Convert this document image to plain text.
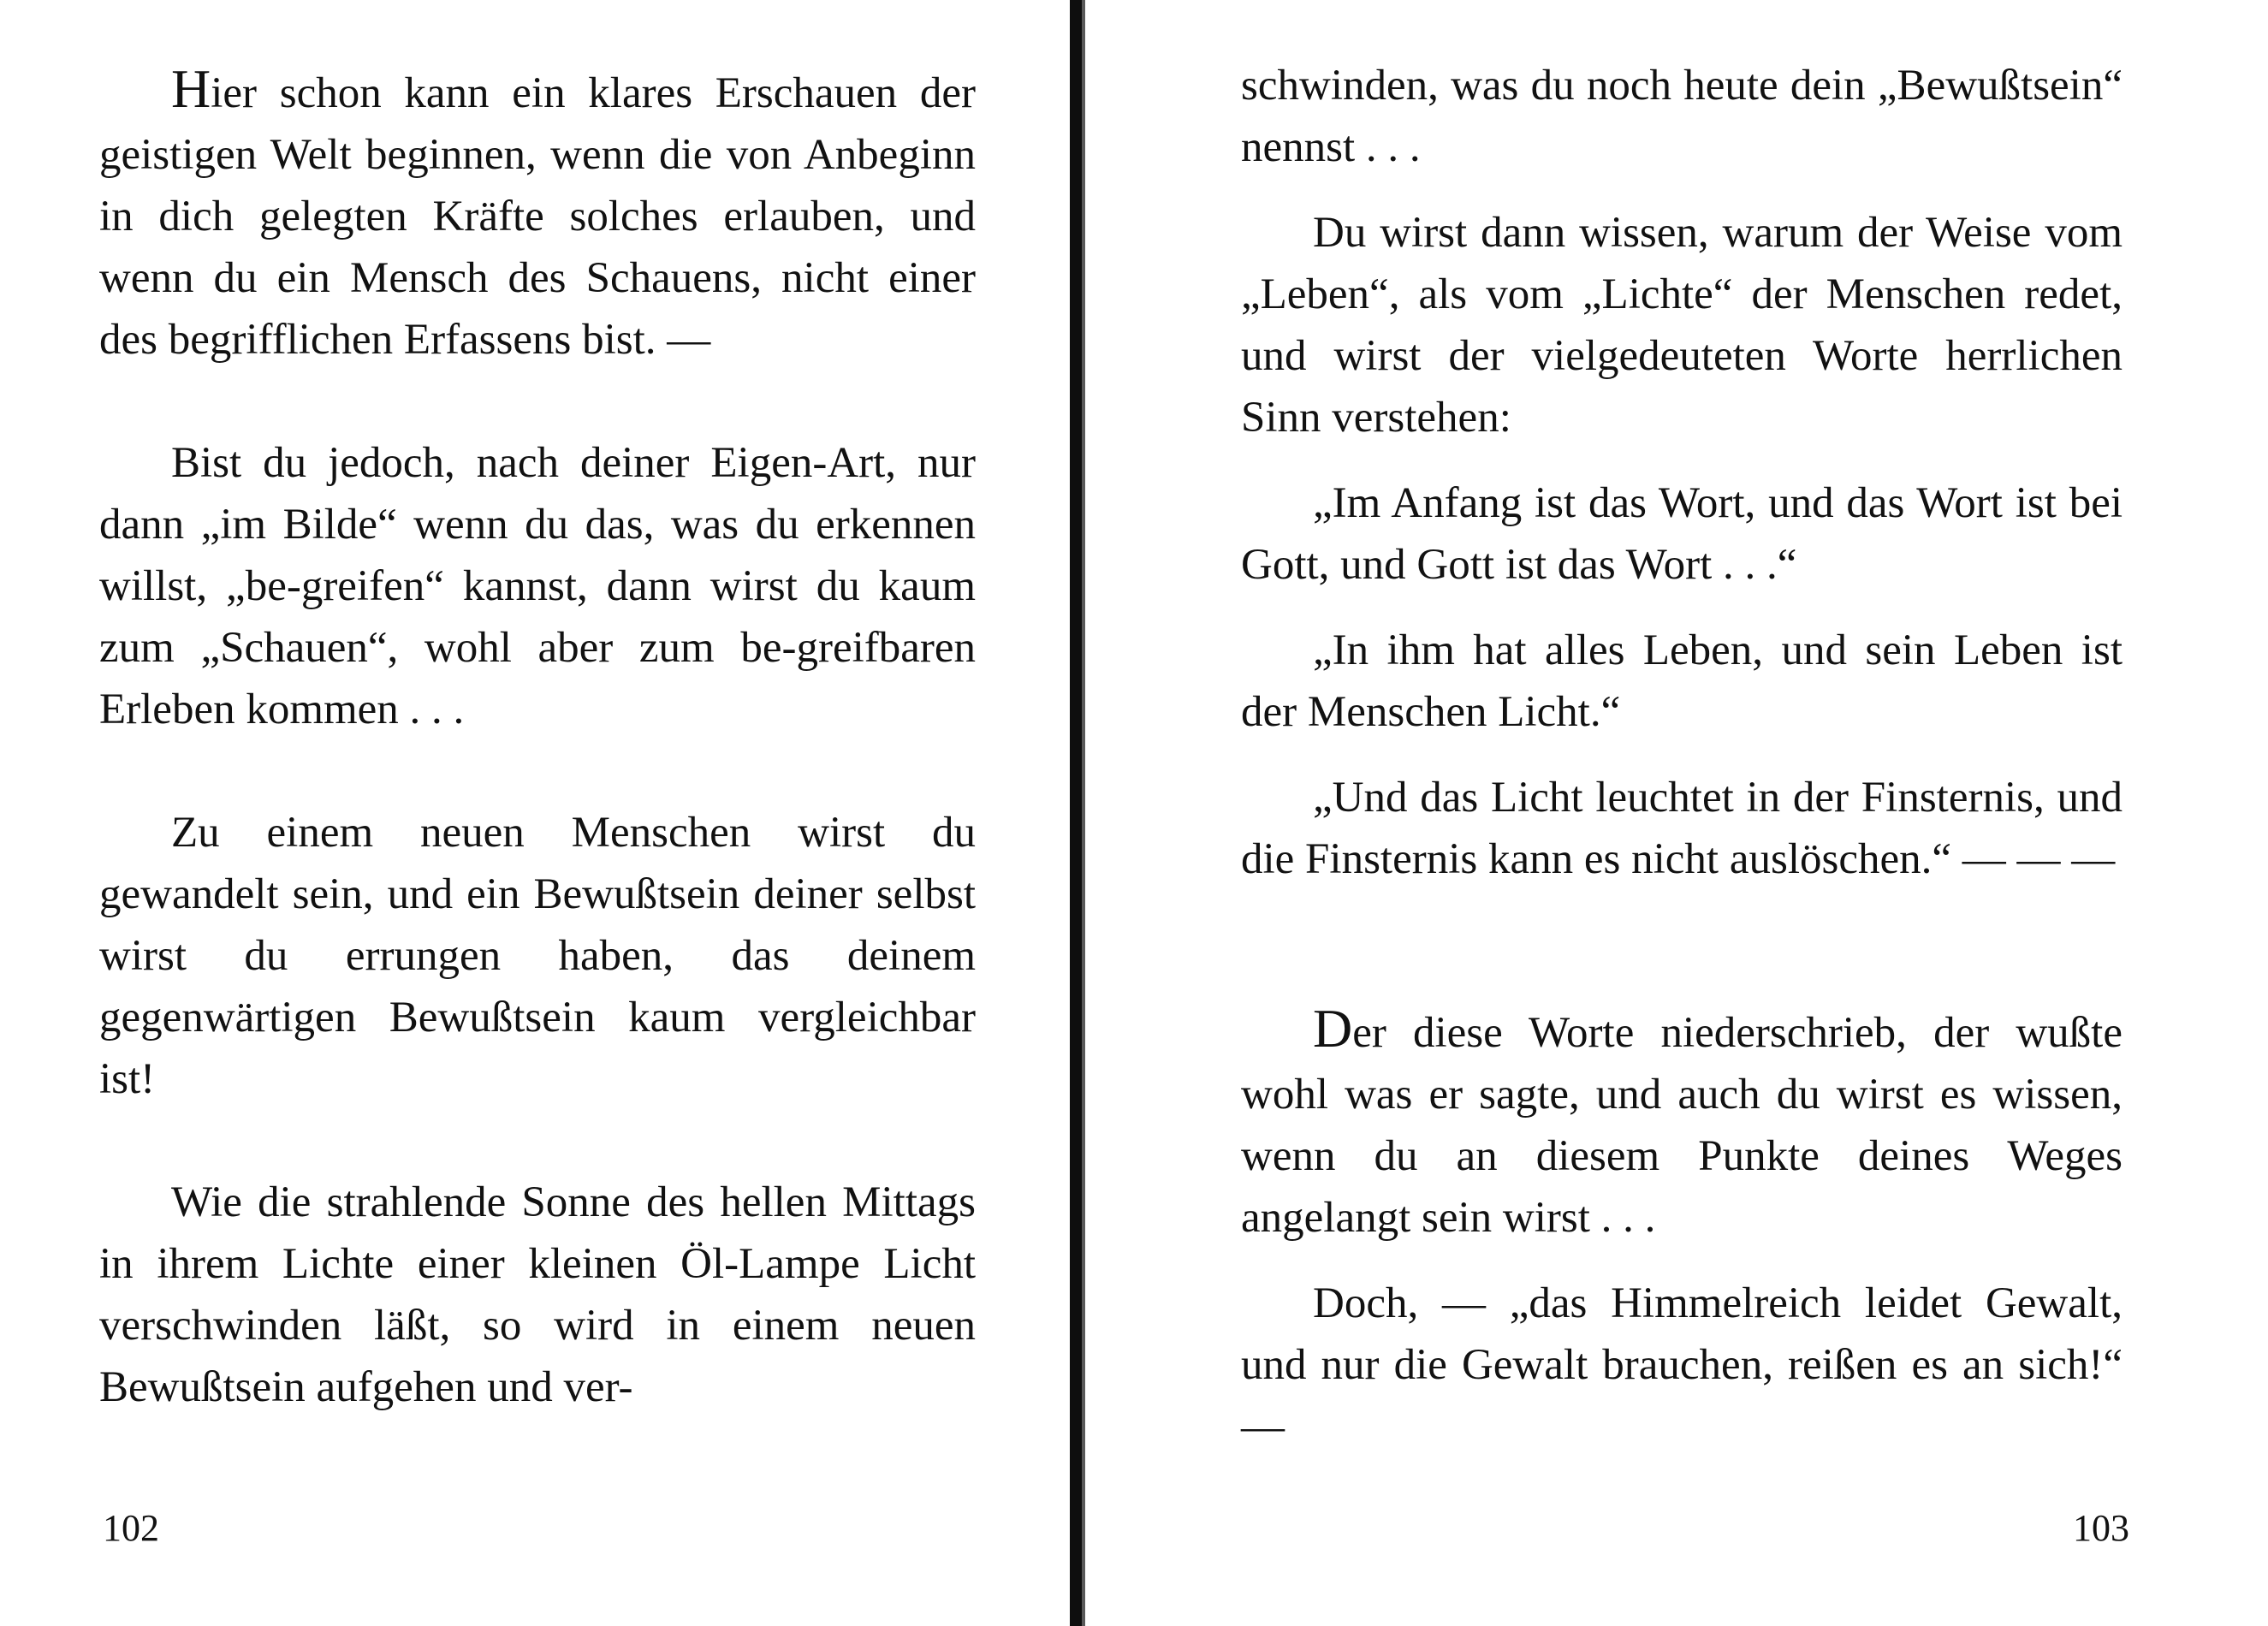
Hier schon kann ein klares Erschauen der geistigen Welt beginnen, wenn die von Anbeginn in dich gelegten Kräfte solches erlauben, und wenn du ein Mensch des Schauens, nicht einer des begrifflichen Erfassens bist. —

Bist du jedoch, nach deiner Eigen-Art, nur dann „im Bilde“ wenn du das, was du erkennen willst, „be-greifen“ kannst, dann wirst du kaum zum „Schauen“, wohl aber zum be-greifbaren Erleben kommen . . .

Zu einem neuen Menschen wirst du gewandelt sein, und ein Bewußtsein deiner selbst wirst du errungen haben, das deinem gegenwärtigen Bewußtsein kaum vergleichbar ist!

Wie die strahlende Sonne des hellen Mittags in ihrem Lichte einer kleinen Öl-Lampe Licht verschwinden läßt, so wird in einem neuen Bewußtsein aufgehen und ver-

102

schwinden, was du noch heute dein „Bewußtsein“ nennst . . .

Du wirst dann wissen, warum der Weise vom „Leben“, als vom „Lichte“ der Menschen redet, und wirst der vielgedeuteten Worte herrlichen Sinn verstehen:

„Im Anfang ist das Wort, und das Wort ist bei Gott, und Gott ist das Wort . . .“

„In ihm hat alles Leben, und sein Leben ist der Menschen Licht.“

„Und das Licht leuchtet in der Finsternis, und die Finsternis kann es nicht auslöschen.“ — — —

Der diese Worte niederschrieb, der wußte wohl was er sagte, und auch du wirst es wissen, wenn du an diesem Punkte deines Weges angelangt sein wirst . . .

Doch, — „das Himmelreich leidet Gewalt, und nur die Gewalt brauchen, reißen es an sich!“ —

103
